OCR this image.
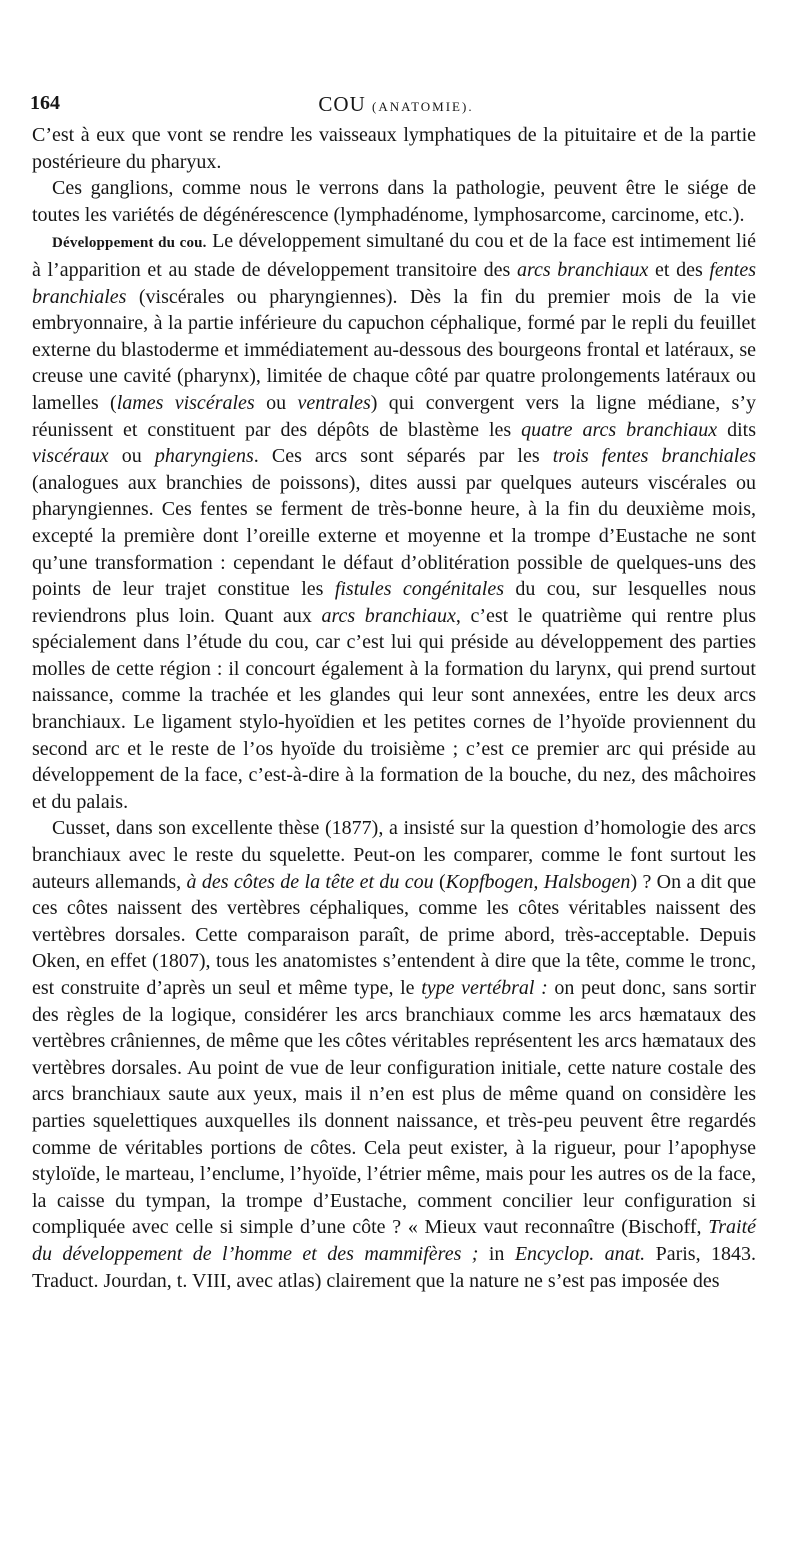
164	COU (ANATOMIE).

C’est à eux que vont se rendre les vaisseaux lymphatiques de la pituitaire et de la partie postérieure du pharyux.

Ces ganglions, comme nous le verrons dans la pathologie, peuvent être le siége de toutes les variétés de dégénérescence (lymphadénome, lymphosarcome, carcinome, etc.).

Développement du cou. Le développement simultané du cou et de la face est intimement lié à l’apparition et au stade de développement transitoire des arcs branchiaux et des fentes branchiales (viscérales ou pharyngiennes). Dès la fin du premier mois de la vie embryonnaire, à la partie inférieure du capuchon céphalique, formé par le repli du feuillet externe du blastoderme et immédiatement au-dessous des bourgeons frontal et latéraux, se creuse une cavité (pharynx), limitée de chaque côté par quatre prolongements latéraux ou lamelles (lames viscérales ou ventrales) qui convergent vers la ligne médiane, s’y réunissent et constituent par des dépôts de blastème les quatre arcs branchiaux dits viscéraux ou pharyngiens. Ces arcs sont séparés par les trois fentes branchiales (analogues aux branchies de poissons), dites aussi par quelques auteurs viscérales ou pharyngiennes. Ces fentes se ferment de très-bonne heure, à la fin du deuxième mois, excepté la première dont l’oreille externe et moyenne et la trompe d’Eustache ne sont qu’une transformation : cependant le défaut d’oblitération possible de quelques-uns des points de leur trajet constitue les fistules congénitales du cou, sur lesquelles nous reviendrons plus loin. Quant aux arcs branchiaux, c’est le quatrième qui rentre plus spécialement dans l’étude du cou, car c’est lui qui préside au développement des parties molles de cette région : il concourt également à la formation du larynx, qui prend surtout naissance, comme la trachée et les glandes qui leur sont annexées, entre les deux arcs branchiaux. Le ligament stylo-hyoïdien et les petites cornes de l’hyoïde proviennent du second arc et le reste de l’os hyoïde du troisième ; c’est ce premier arc qui préside au développement de la face, c’est-à-dire à la formation de la bouche, du nez, des mâchoires et du palais.

Cusset, dans son excellente thèse (1877), a insisté sur la question d’homologie des arcs branchiaux avec le reste du squelette. Peut-on les comparer, comme le font surtout les auteurs allemands, à des côtes de la tête et du cou (Kopfbogen, Halsbogen) ? On a dit que ces côtes naissent des vertèbres céphaliques, comme les côtes véritables naissent des vertèbres dorsales. Cette comparaison paraît, de prime abord, très-acceptable. Depuis Oken, en effet (1807), tous les anatomistes s’entendent à dire que la tête, comme le tronc, est construite d’après un seul et même type, le type vertébral : on peut donc, sans sortir des règles de la logique, considérer les arcs branchiaux comme les arcs hæmataux des vertèbres crâniennes, de même que les côtes véritables représentent les arcs hæmataux des vertèbres dorsales. Au point de vue de leur configuration initiale, cette nature costale des arcs branchiaux saute aux yeux, mais il n’en est plus de même quand on considère les parties squelettiques auxquelles ils donnent naissance, et très-peu peuvent être regardés comme de véritables portions de côtes. Cela peut exister, à la rigueur, pour l’apophyse styloïde, le marteau, l’enclume, l’hyoïde, l’étrier même, mais pour les autres os de la face, la caisse du tympan, la trompe d’Eustache, comment concilier leur configuration si compliquée avec celle si simple d’une côte ? « Mieux vaut reconnaître (Bischoff, Traité du développement de l’homme et des mammifères ; in Encyclop. anat. Paris, 1843. Traduct. Jourdan, t. VIII, avec atlas) clairement que la nature ne s’est pas imposée des
